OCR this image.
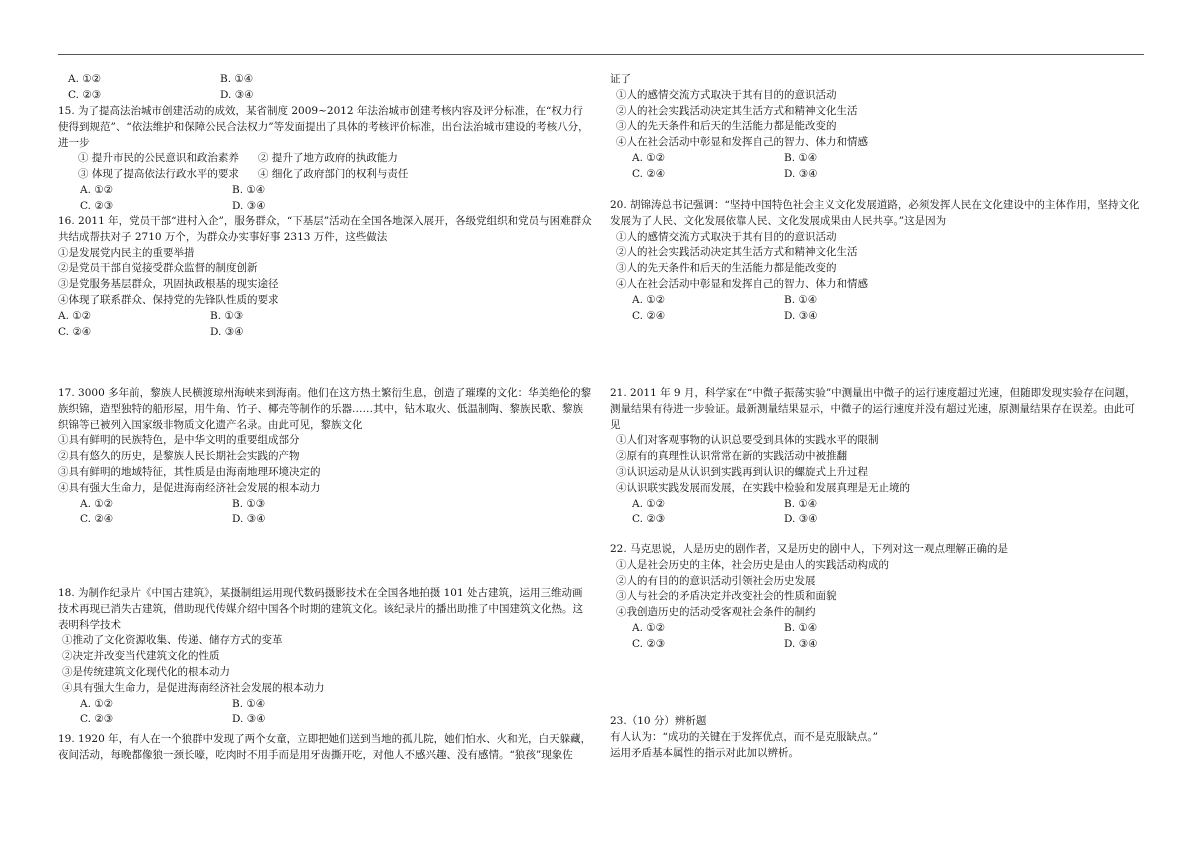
A. ①②	B. ①④
C. ②③	D. ③④

15. 为了提高法治城市创建活动的成效，某省制度 2009~2012 年法治城市创建考核内容及评分标准，在“权力行使得到规范”、“依法维护和保障公民合法权力”等发面提出了具体的考核评价标准，出台法治城市建设的考核八分，进一步

① 提升市民的公民意识和政治素养	② 提升了地方政府的执政能力
③ 体现了提高依法行政水平的要求	④ 细化了政府部门的权利与责任
A. ①②	B. ①④
C. ②③	D. ③④

16. 2011 年，党员干部“进村入企”，服务群众，“下基层”活动在全国各地深入展开，各级党组织和党员与困难群众共结成帮扶对子 2710 万个，为群众办实事好事 2313 万件，这些做法

①是发展党内民主的重要举措

②是党员干部自觉接受群众监督的制度创新

③是党服务基层群众，巩固执政根基的现实途径

④体现了联系群众、保持党的先锋队性质的要求

A. ①②	B. ①③
C. ②④	D. ③④

17. 3000 多年前，黎族人民横渡琼州海峡来到海南。他们在这方热土繁衍生息，创造了璀璨的文化：华美绝伦的黎族织锦，造型独特的船形屋，用牛角、竹子、椰壳等制作的乐器……其中，钻木取火、低温制陶、黎族民歌、黎族织锦等已被列入国家级非物质文化遗产名录。由此可见，黎族文化

①具有鲜明的民族特色，是中华文明的重要组成部分

②具有悠久的历史，是黎族人民长期社会实践的产物

③具有鲜明的地域特征，其性质是由海南地理环境决定的

④具有强大生命力，是促进海南经济社会发展的根本动力

A. ①②	B. ①③
C. ②④	D. ③④

18. 为制作纪录片《中国古建筑》，某摄制组运用现代数码摄影技术在全国各地拍摄 101 处古建筑，运用三维动画技术再现已消失古建筑，借助现代传媒介绍中国各个时期的建筑文化。该纪录片的播出助推了中国建筑文化热。这表明科学技术

①推动了文化资源收集、传递、储存方式的变革

②决定并改变当代建筑文化的性质

③是传统建筑文化现代化的根本动力

④具有强大生命力，是促进海南经济社会发展的根本动力

A. ①②	B. ①④
C. ②③	D. ③④

19. 1920 年，有人在一个狼群中发现了两个女童，立即把她们送到当地的孤儿院，她们怕水、火和光，白天躲藏，夜间活动，每晚都像狼一颈长嚎，吃肉时不用手而是用牙齿撕开吃，对他人不感兴趣、没有感情。“狼孩”现象佐

证了

①人的感情交流方式取决于其有目的的意识活动

②人的社会实践活动决定其生活方式和精神文化生活

③人的先天条件和后天的生活能力都是能改变的

④人在社会活动中彰显和发挥自己的智力、体力和情感

A. ①②	B. ①④
C. ②④	D. ③④

20. 胡锦涛总书记强调：“坚持中国特色社会主义文化发展道路，必须发挥人民在文化建设中的主体作用，坚持文化发展为了人民、文化发展依靠人民、文化发展成果由人民共享。”这是因为

①人的感情交流方式取决于其有目的的意识活动

②人的社会实践活动决定其生活方式和精神文化生活

③人的先天条件和后天的生活能力都是能改变的

④人在社会活动中彰显和发挥自己的智力、体力和情感

A. ①②	B. ①④
C. ②④	D. ③④

21. 2011 年 9 月，科学家在“中微子振荡实验”中测量出中微子的运行速度超过光速，但随即发现实验存在问题，测量结果有待进一步验证。最新测量结果显示，中微子的运行速度并没有超过光速，原测量结果存在误差。由此可见

①人们对客观事物的认识总要受到具体的实践水平的限制

②原有的真理性认识常常在新的实践活动中被推翻

③认识运动是从认识到实践再到认识的螺旋式上升过程

④认识联实践发展而发展，在实践中检验和发展真理是无止境的

A. ①②	B. ①④
C. ②③	D. ③④

22. 马克思说，人是历史的剧作者，又是历史的剧中人，下列对这一观点理解正确的是

①人是社会历史的主体，社会历史是由人的实践活动构成的

②人的有目的的意识活动引领社会历史发展

③人与社会的矛盾决定并改变社会的性质和面貌

④我创造历史的活动受客观社会条件的制约

A. ①②	B. ①④
C. ②③	D. ③④

23.（10 分）辨析题

有人认为：“成功的关键在于发挥优点，而不是克服缺点。”

运用矛盾基本属性的指示对此加以辨析。
